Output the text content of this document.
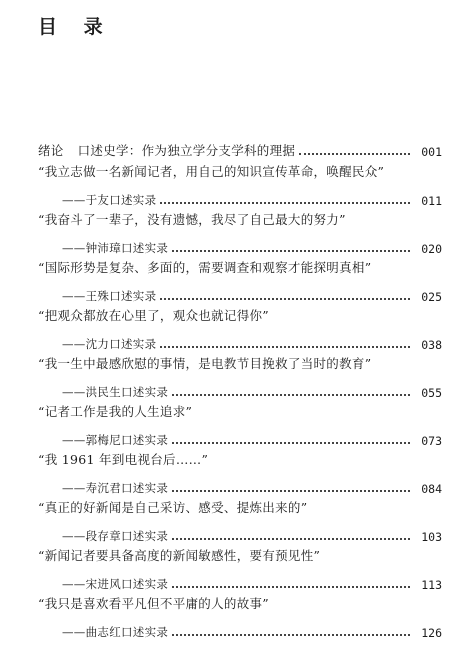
目 录
绪论 口述史学：作为独立学分支学科的理据	001
“我立志做一名新闻记者，用自己的知识宣传革命，唤醒民众”
——于友口述实录	011
“我奋斗了一辈子，没有遗憾，我尽了自己最大的努力”
——钟沛璋口述实录	020
“国际形势是复杂、多面的，需要调查和观察才能探明真相”
——王殊口述实录	025
“把观众都放在心里了，观众也就记得你”
——沈力口述实录	038
“我一生中最感欣慰的事情，是电教节目挽救了当时的教育”
——洪民生口述实录	055
“记者工作是我的人生追求”
——郭梅尼口述实录	073
“我 1961 年到电视台后……”
——寿沉君口述实录	084
“真正的好新闻是自己采访、感受、提炼出来的”
——段存章口述实录	103
“新闻记者要具备高度的新闻敏感性，要有预见性”
——宋进风口述实录	113
“我只是喜欢看平凡但不平庸的人的故事”
——曲志红口述实录	126
